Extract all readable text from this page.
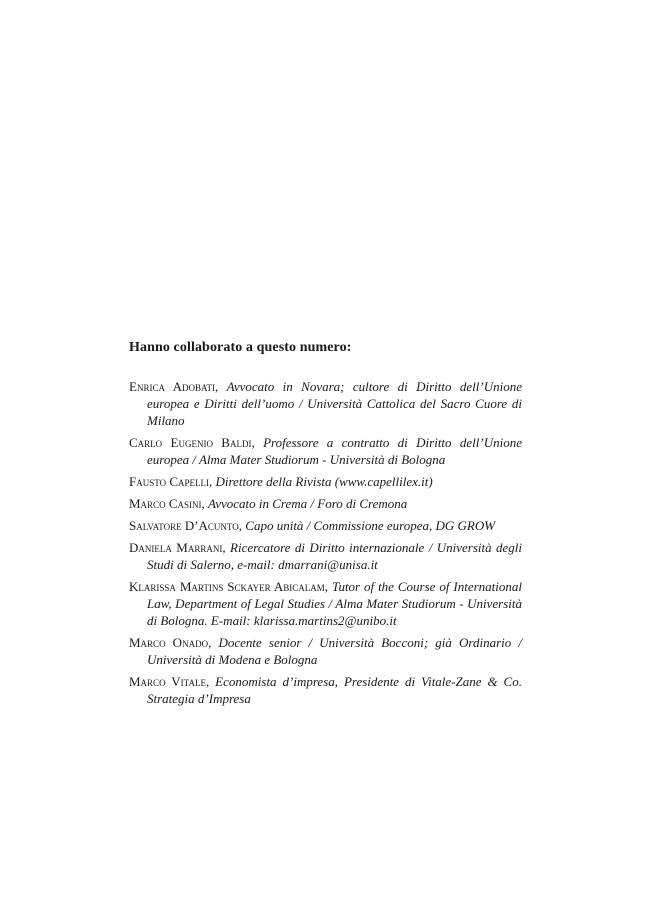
Hanno collaborato a questo numero:
Enrica Adobati, Avvocato in Novara; cultore di Diritto dell’Unione europea e Diritti dell’uomo / Università Cattolica del Sacro Cuore di Milano
Carlo Eugenio Baldi, Professore a contratto di Diritto dell’Unione europea / Alma Mater Studiorum - Università di Bologna
Fausto Capelli, Direttore della Rivista (www.capellilex.it)
Marco Casini, Avvocato in Crema / Foro di Cremona
Salvatore D’Acunto, Capo unità / Commissione europea, DG GROW
Daniela Marrani, Ricercatore di Diritto internazionale / Università degli Studi di Salerno, e-mail: dmarrani@unisa.it
Klarissa Martins Sckayer Abicalam, Tutor of the Course of International Law, Department of Legal Studies / Alma Mater Studiorum - Università di Bologna. E-mail: klarissa.martins2@unibo.it
Marco Onado, Docente senior / Università Bocconi; già Ordinario / Università di Modena e Bologna
Marco Vitale, Economista d’impresa, Presidente di Vitale-Zane & Co. Strategia d’Impresa
